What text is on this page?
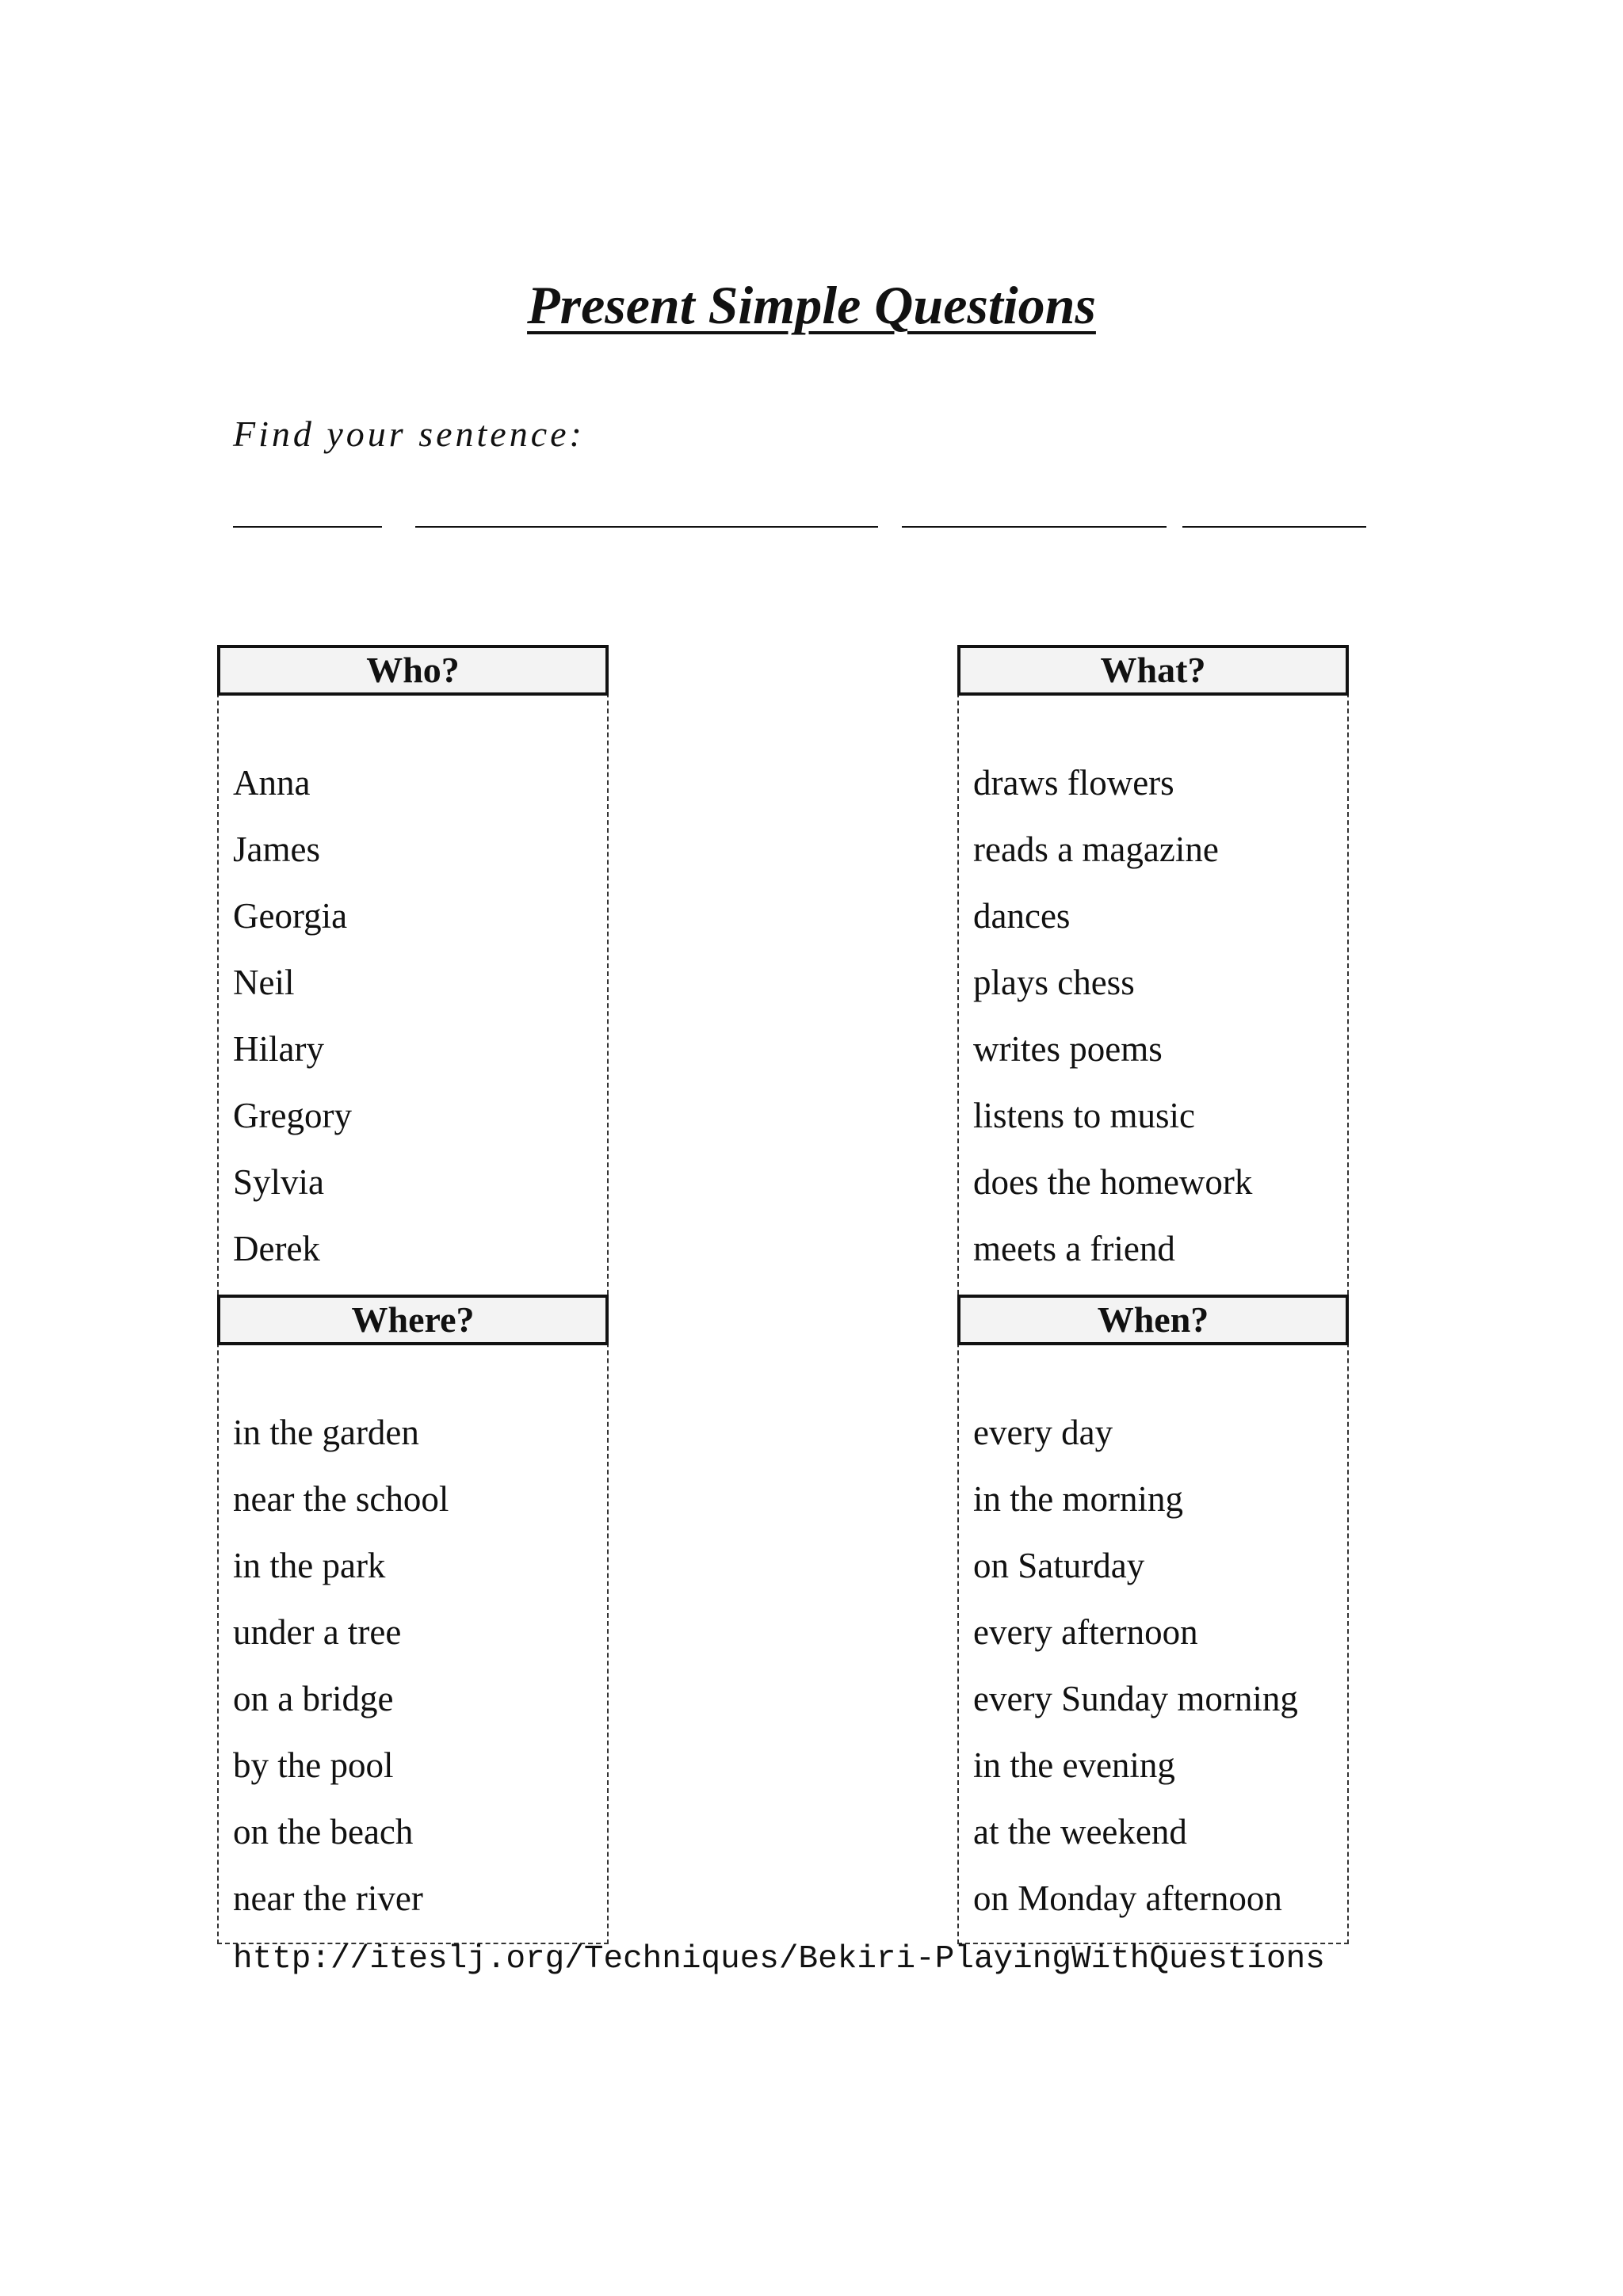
Present Simple Questions
Find your sentence:
Who?
Anna
James
Georgia
Neil
Hilary
Gregory
Sylvia
Derek
What?
draws flowers
reads a magazine
dances
plays chess
writes poems
listens to music
does the homework
meets a friend
Where?
in the garden
near the school
in the park
under a tree
on a bridge
by the pool
on the beach
near the river
When?
every day
in the morning
on Saturday
every afternoon
every Sunday morning
in the evening
at the weekend
on Monday afternoon
http://iteslj.org/Techniques/Bekiri-PlayingWithQuestions
